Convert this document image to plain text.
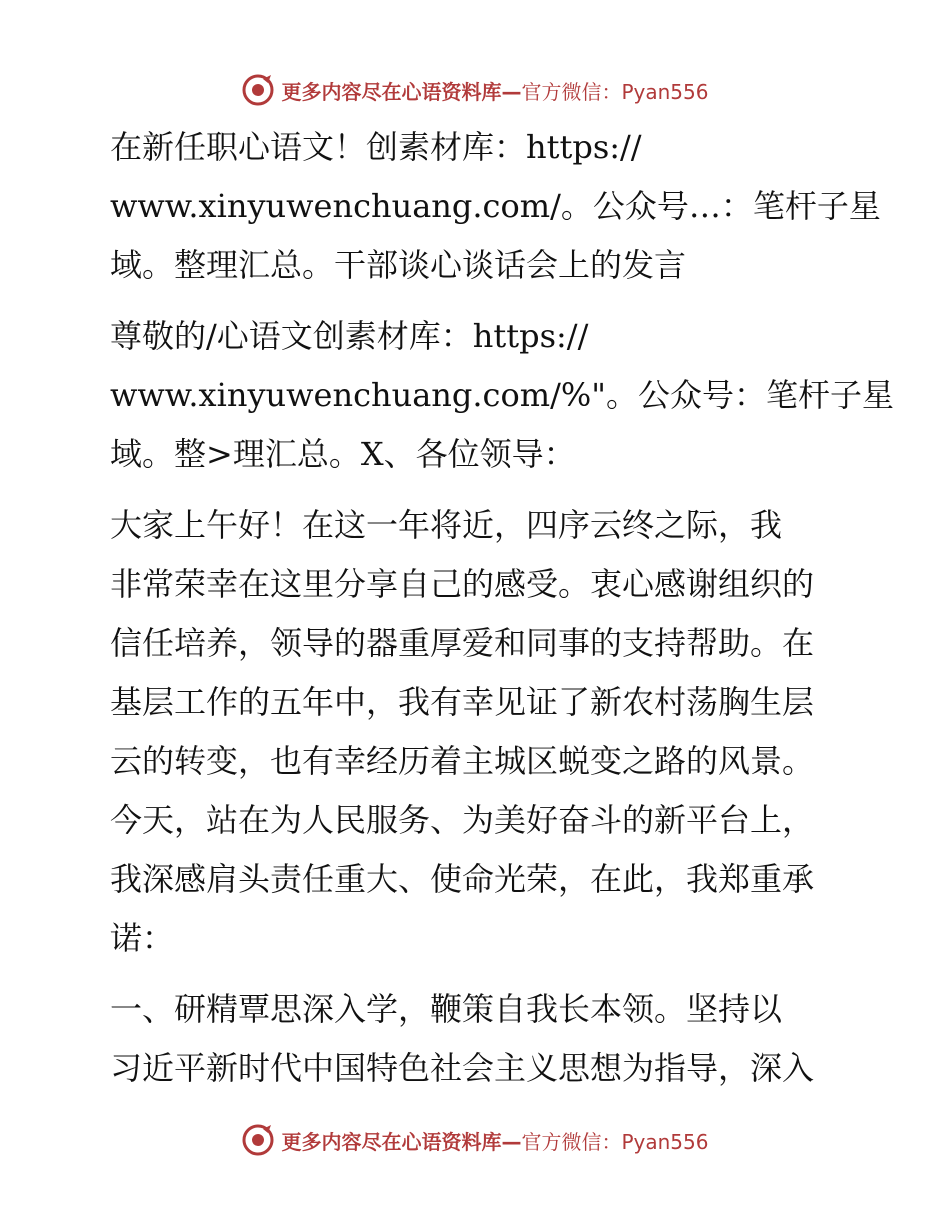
更多内容尽在心语资料库— 官方微信：Pyan556

在新任职心语文！创素材库：https://
www.xinyuwenchuang.com/。公众号…：笔杆子星
域。整理汇总。干部谈心谈话会上的发言

尊敬的/心语文创素材库：https://
www.xinyuwenchuang.com/%"。公众号：笔杆子星
域。整>理汇总。X、各位领导：

大家上午好！在这一年将近，四序云终之际，我
非常荣幸在这里分享自己的感受。衷心感谢组织的
信任培养，领导的器重厚爱和同事的支持帮助。在
基层工作的五年中，我有幸见证了新农村荡胸生层
云的转变，也有幸经历着主城区蜕变之路的风景。
今天，站在为人民服务、为美好奋斗的新平台上，
我深感肩头责任重大、使命光荣，在此，我郑重承
诺：

一、研精覃思深入学，鞭策自我长本领。坚持以
习近平新时代中国特色社会主义思想为指导，深入

更多内容尽在心语资料库— 官方微信：Pyan556
